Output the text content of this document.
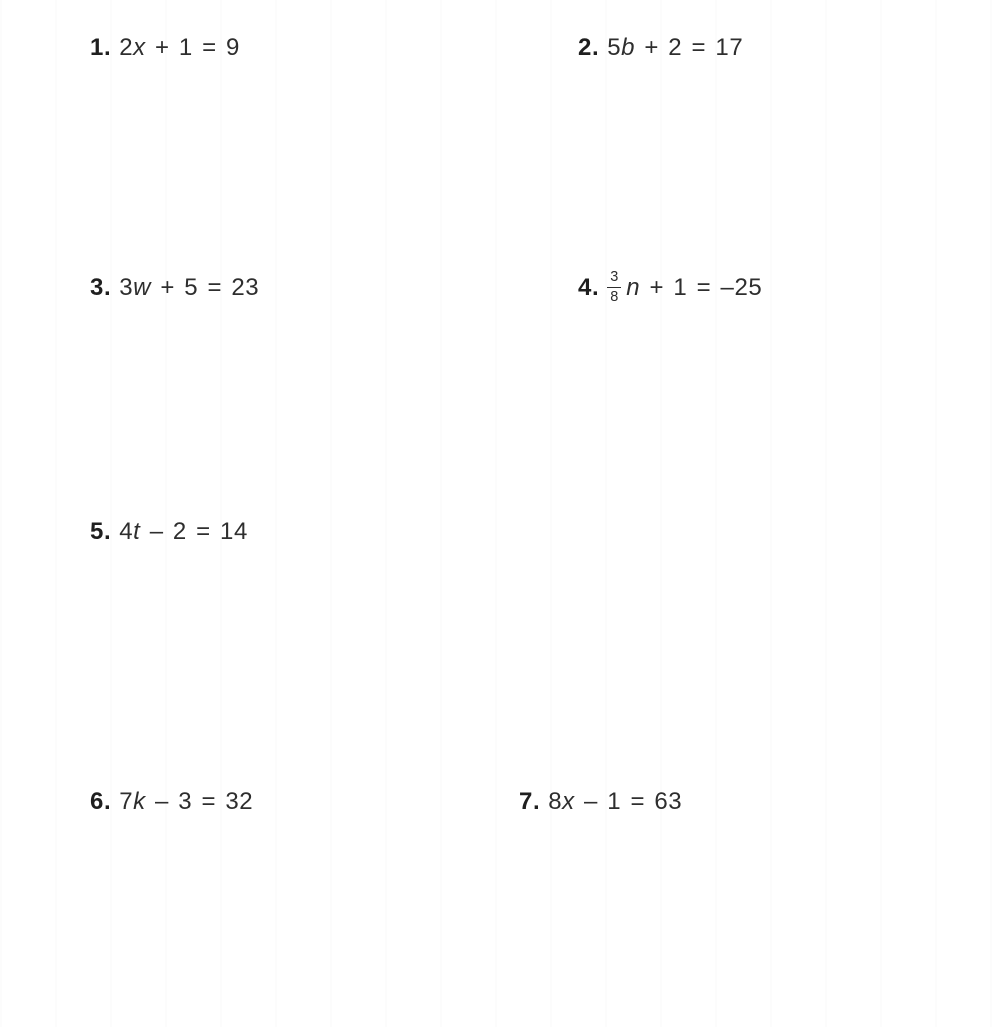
1. 2 x + 1 = 9	2. 5 b + 2 = 17
3. 3 w + 5 = 23	4. $\frac{3}{8}$ n + 1 = –25
5. 4 t – 2 = 14
6. 7 k – 3 = 32	7. 8 x – 1 = 63
